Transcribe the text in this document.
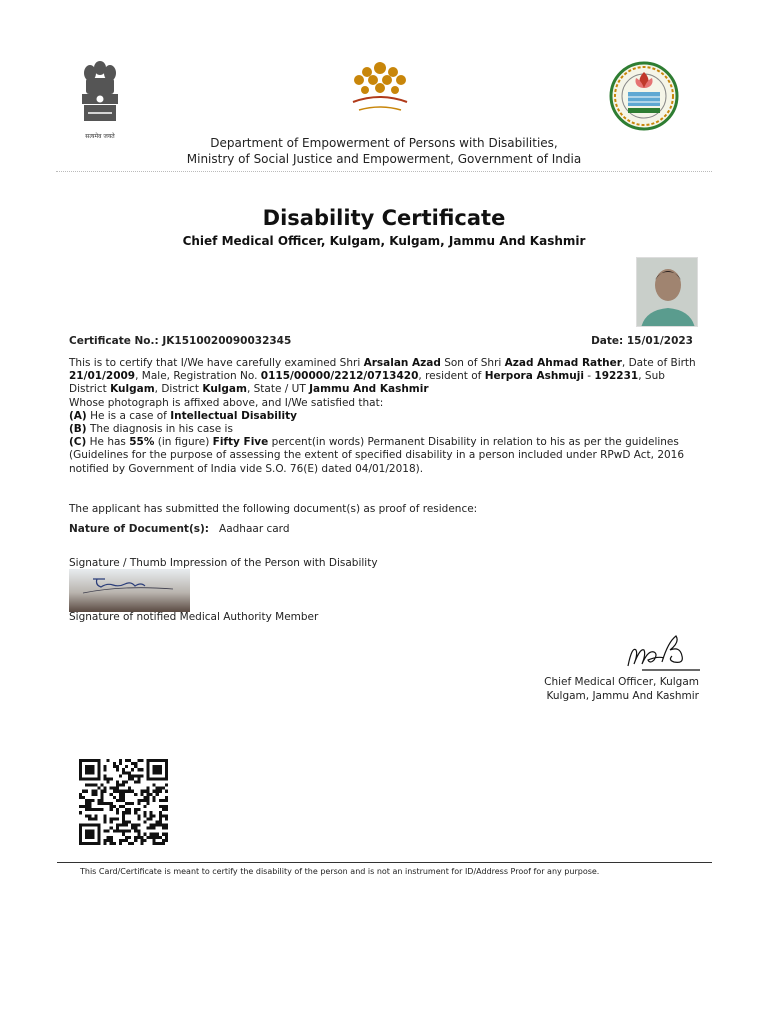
सत्यमेव जयते	Department of Empowerment of Persons with Disabilities,
Ministry of Social Justice and Empowerment, Government of India
Disability Certificate
Chief Medical Officer, Kulgam, Kulgam, Jammu And Kashmir
Certificate No.: JK1510020090032345	Date: 15/01/2023
This is to certify that I/We have carefully examined Shri Arsalan Azad Son of Shri Azad Ahmad Rather, Date of Birth 21/01/2009, Male, Registration No. 0115/00000/2212/0713420, resident of Herpora Ashmuji - 192231, Sub District Kulgam, District Kulgam, State / UT Jammu And Kashmir
Whose photograph is affixed above, and I/We satisfied that:
(A) He is a case of Intellectual Disability
(B) The diagnosis in his case is
(C) He has 55% (in figure) Fifty Five percent(in words) Permanent Disability in relation to his as per the guidelines (Guidelines for the purpose of assessing the extent of specified disability in a person included under RPwD Act, 2016 notified by Government of India vide S.O. 76(E) dated 04/01/2018).
The applicant has submitted the following document(s) as proof of residence:
Nature of Document(s): Aadhaar card
Signature / Thumb Impression of the Person with Disability
Signature of notified Medical Authority Member
Chief Medical Officer, Kulgam
Kulgam, Jammu And Kashmir
This Card/Certificate is meant to certify the disability of the person and is not an instrument for ID/Address Proof for any purpose.
